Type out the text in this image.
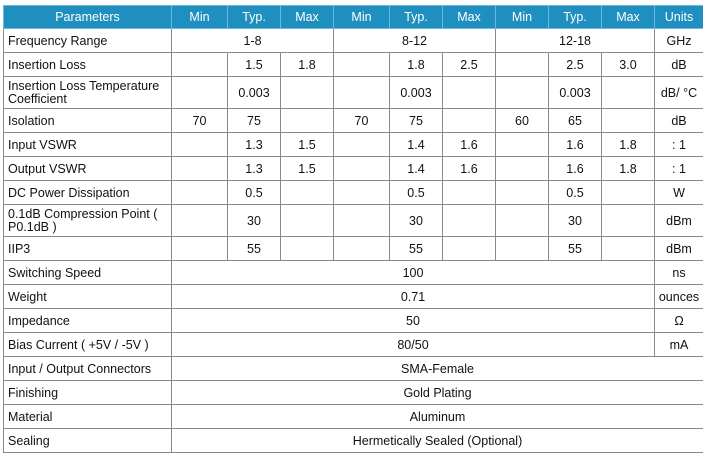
Parameters	Min	Typ.	Max	Min	Typ.	Max	Min	Typ.	Max	Units
Frequency Range	1-8			8-12			12-18			GHz
Insertion Loss		1.5	1.8		1.8	2.5		2.5	3.0	dB
Insertion Loss Temperature Coefficient		0.003			0.003			0.003		dB/ °C
Isolation	70	75		70	75		60	65		dB
Input VSWR		1.3	1.5		1.4	1.6		1.6	1.8	: 1
Output VSWR		1.3	1.5		1.4	1.6		1.6	1.8	: 1
DC Power Dissipation		0.5			0.5			0.5		W
0.1dB Compression Point ( P0.1dB )		30			30			30		dBm
IIP3		55			55			55		dBm
Switching Speed	100									ns
Weight	0.71									ounces
Impedance	50									Ω
Bias Current ( +5V / -5V )	80/50									mA
Input / Output Connectors	SMA-Female									
Finishing	Gold Plating									
Material	Aluminum									
Sealing	Hermetically Sealed (Optional)									
